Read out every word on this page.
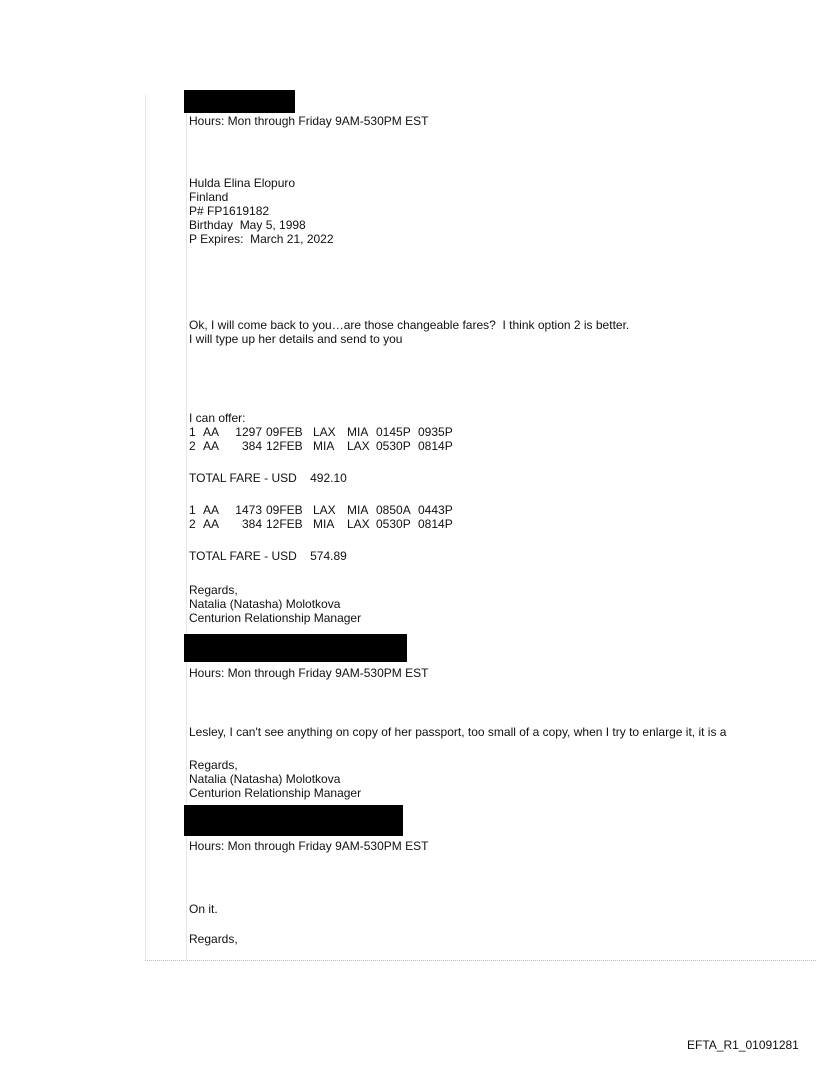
Hours: Mon through Friday 9AM-530PM EST
Hulda Elina Elopuro
Finland
P# FP1619182
Birthday  May 5, 1998
P Expires:  March 21, 2022
Ok, I will come back to you…are those changeable fares?  I think option 2 is better.
I will type up her details and send to you
I can offer:
1 AA	1297 09FEB LAX MIA 0145P 0935P
2 AA	384 12FEB MIA LAX 0530P 0814P
TOTAL FARE - USD    492.10
1 AA	1473 09FEB LAX MIA 0850A 0443P
2 AA	384 12FEB MIA LAX 0530P 0814P
TOTAL FARE - USD    574.89
Regards,
Natalia (Natasha) Molotkova
Centurion Relationship Manager
Hours: Mon through Friday 9AM-530PM EST
Lesley, I can't see anything on copy of her passport, too small of a copy, when I try to enlarge it, it is a
Regards,
Natalia (Natasha) Molotkova
Centurion Relationship Manager
Hours: Mon through Friday 9AM-530PM EST
On it.
Regards,
EFTA_R1_01091281
